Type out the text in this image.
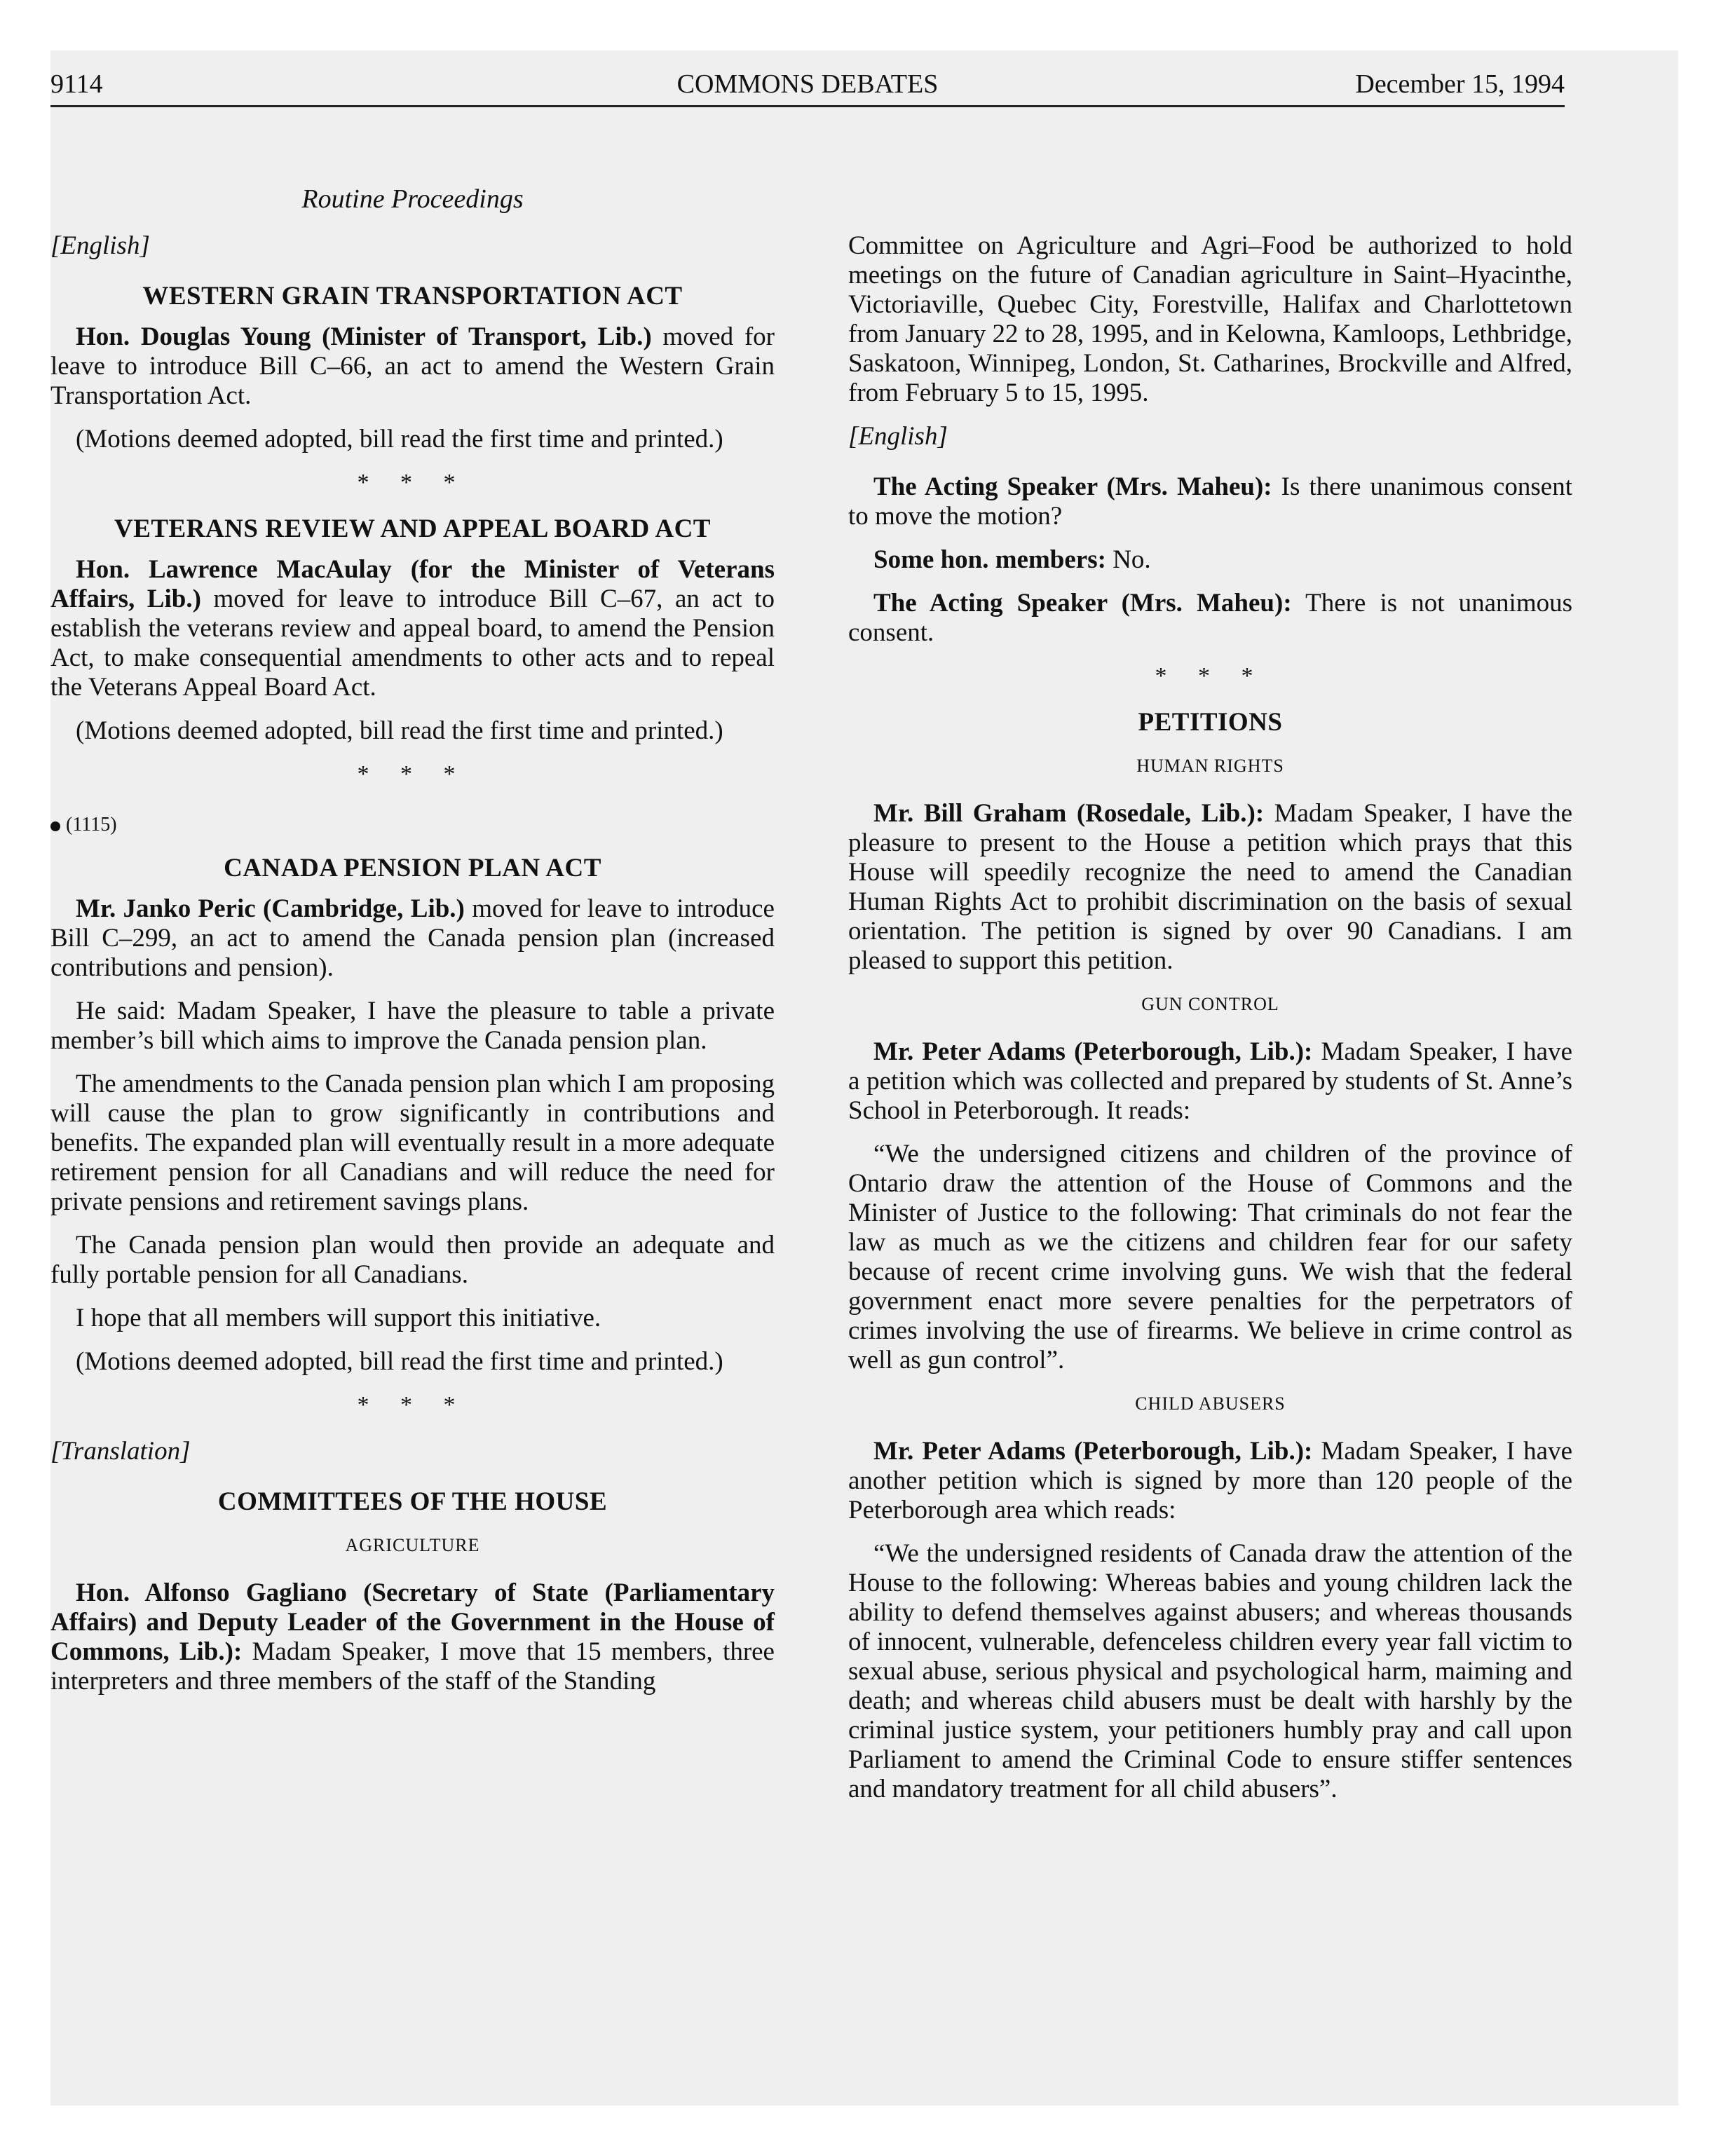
9114	COMMONS DEBATES	December 15, 1994
Routine Proceedings
[English]
WESTERN GRAIN TRANSPORTATION ACT

Hon. Douglas Young (Minister of Transport, Lib.) moved for leave to introduce Bill C–66, an act to amend the Western Grain Transportation Act.

(Motions deemed adopted, bill read the first time and printed.)

* * *
VETERANS REVIEW AND APPEAL BOARD ACT

Hon. Lawrence MacAulay (for the Minister of Veterans Affairs, Lib.) moved for leave to introduce Bill C–67, an act to establish the veterans review and appeal board, to amend the Pension Act, to make consequential amendments to other acts and to repeal the Veterans Appeal Board Act.

(Motions deemed adopted, bill read the first time and printed.)

* * *
(1115)
CANADA PENSION PLAN ACT

Mr. Janko Peric (Cambridge, Lib.) moved for leave to introduce Bill C–299, an act to amend the Canada pension plan (increased contributions and pension).

He said: Madam Speaker, I have the pleasure to table a private member’s bill which aims to improve the Canada pension plan.

The amendments to the Canada pension plan which I am proposing will cause the plan to grow significantly in contributions and benefits. The expanded plan will eventually result in a more adequate retirement pension for all Canadians and will reduce the need for private pensions and retirement savings plans.

The Canada pension plan would then provide an adequate and fully portable pension for all Canadians.

I hope that all members will support this initiative.

(Motions deemed adopted, bill read the first time and printed.)

* * *
[Translation]
COMMITTEES OF THE HOUSE
AGRICULTURE

Hon. Alfonso Gagliano (Secretary of State (Parliamentary Affairs) and Deputy Leader of the Government in the House of Commons, Lib.): Madam Speaker, I move that 15 members, three interpreters and three members of the staff of the Standing

Committee on Agriculture and Agri–Food be authorized to hold meetings on the future of Canadian agriculture in Saint–Hyacinthe, Victoriaville, Quebec City, Forestville, Halifax and Charlottetown from January 22 to 28, 1995, and in Kelowna, Kamloops, Lethbridge, Saskatoon, Winnipeg, London, St. Catharines, Brockville and Alfred, from February 5 to 15, 1995.

[English]

The Acting Speaker (Mrs. Maheu): Is there unanimous consent to move the motion?

Some hon. members: No.

The Acting Speaker (Mrs. Maheu): There is not unanimous consent.

* * *
PETITIONS
HUMAN RIGHTS

Mr. Bill Graham (Rosedale, Lib.): Madam Speaker, I have the pleasure to present to the House a petition which prays that this House will speedily recognize the need to amend the Canadian Human Rights Act to prohibit discrimination on the basis of sexual orientation. The petition is signed by over 90 Canadians. I am pleased to support this petition.

GUN CONTROL

Mr. Peter Adams (Peterborough, Lib.): Madam Speaker, I have a petition which was collected and prepared by students of St. Anne’s School in Peterborough. It reads:

“We the undersigned citizens and children of the province of Ontario draw the attention of the House of Commons and the Minister of Justice to the following: That criminals do not fear the law as much as we the citizens and children fear for our safety because of recent crime involving guns. We wish that the federal government enact more severe penalties for the perpetrators of crimes involving the use of firearms. We believe in crime control as well as gun control”.

CHILD ABUSERS

Mr. Peter Adams (Peterborough, Lib.): Madam Speaker, I have another petition which is signed by more than 120 people of the Peterborough area which reads:

“We the undersigned residents of Canada draw the attention of the House to the following: Whereas babies and young children lack the ability to defend themselves against abusers; and whereas thousands of innocent, vulnerable, defenceless children every year fall victim to sexual abuse, serious physical and psychological harm, maiming and death; and whereas child abusers must be dealt with harshly by the criminal justice system, your petitioners humbly pray and call upon Parliament to amend the Criminal Code to ensure stiffer sentences and mandatory treatment for all child abusers”.
